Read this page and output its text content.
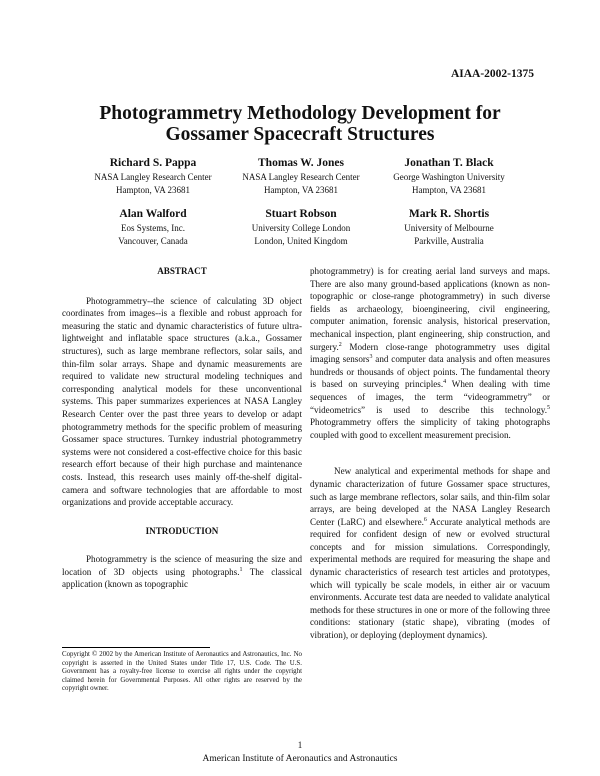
AIAA-2002-1375
Photogrammetry Methodology Development for
Gossamer Spacecraft Structures
Richard S. Pappa
NASA Langley Research Center
Hampton, VA 23681
Thomas W. Jones
NASA Langley Research Center
Hampton, VA 23681
Jonathan T. Black
George Washington University
Hampton, VA 23681
Alan Walford
Eos Systems, Inc.
Vancouver, Canada
Stuart Robson
University College London
London, United Kingdom
Mark R. Shortis
University of Melbourne
Parkville, Australia
ABSTRACT

Photogrammetry--the science of calculating 3D object coordinates from images--is a flexible and robust approach for measuring the static and dynamic characteristics of future ultra-lightweight and inflatable space structures (a.k.a., Gossamer structures), such as large membrane reflectors, solar sails, and thin-film solar arrays. Shape and dynamic measurements are required to validate new structural modeling techniques and corresponding analytical models for these unconventional systems. This paper summarizes experiences at NASA Langley Research Center over the past three years to develop or adapt photogrammetry methods for the specific problem of measuring Gossamer space structures. Turnkey industrial photogrammetry systems were not considered a cost-effective choice for this basic research effort because of their high purchase and maintenance costs. Instead, this research uses mainly off-the-shelf digital-camera and software technologies that are affordable to most organizations and provide acceptable accuracy.

INTRODUCTION

Photogrammetry is the science of measuring the size and location of 3D objects using photographs.$^1$ The classical application (known as topographic

Copyright © 2002 by the American Institute of Aeronautics and Astronautics, Inc. No copyright is asserted in the United States under Title 17, U.S. Code. The U.S. Government has a royalty-free license to exercise all rights under the copyright claimed herein for Governmental Purposes. All other rights are reserved by the copyright owner.

photogrammetry) is for creating aerial land surveys and maps. There are also many ground-based applications (known as non-topographic or close-range photogrammetry) in such diverse fields as archaeology, bioengineering, civil engineering, computer animation, forensic analysis, historical preservation, mechanical inspection, plant engineering, ship construction, and surgery.$^2$ Modern close-range photogrammetry uses digital imaging sensors$^3$ and computer data analysis and often measures hundreds or thousands of object points. The fundamental theory is based on surveying principles.$^4$ When dealing with time sequences of images, the term “videogrammetry” or “videometrics” is used to describe this technology.$^5$ Photogrammetry offers the simplicity of taking photographs coupled with good to excellent measurement precision.

New analytical and experimental methods for shape and dynamic characterization of future Gossamer space structures, such as large membrane reflectors, solar sails, and thin-film solar arrays, are being developed at the NASA Langley Research Center (LaRC) and elsewhere.$^6$ Accurate analytical methods are required for confident design of new or evolved structural concepts and for mission simulations. Correspondingly, experimental methods are required for measuring the shape and dynamic characteristics of research test articles and prototypes, which will typically be scale models, in either air or vacuum environments. Accurate test data are needed to validate analytical methods for these structures in one or more of the following three conditions: stationary (static shape), vibrating (modes of vibration), or deploying (deployment dynamics).

1
American Institute of Aeronautics and Astronautics
